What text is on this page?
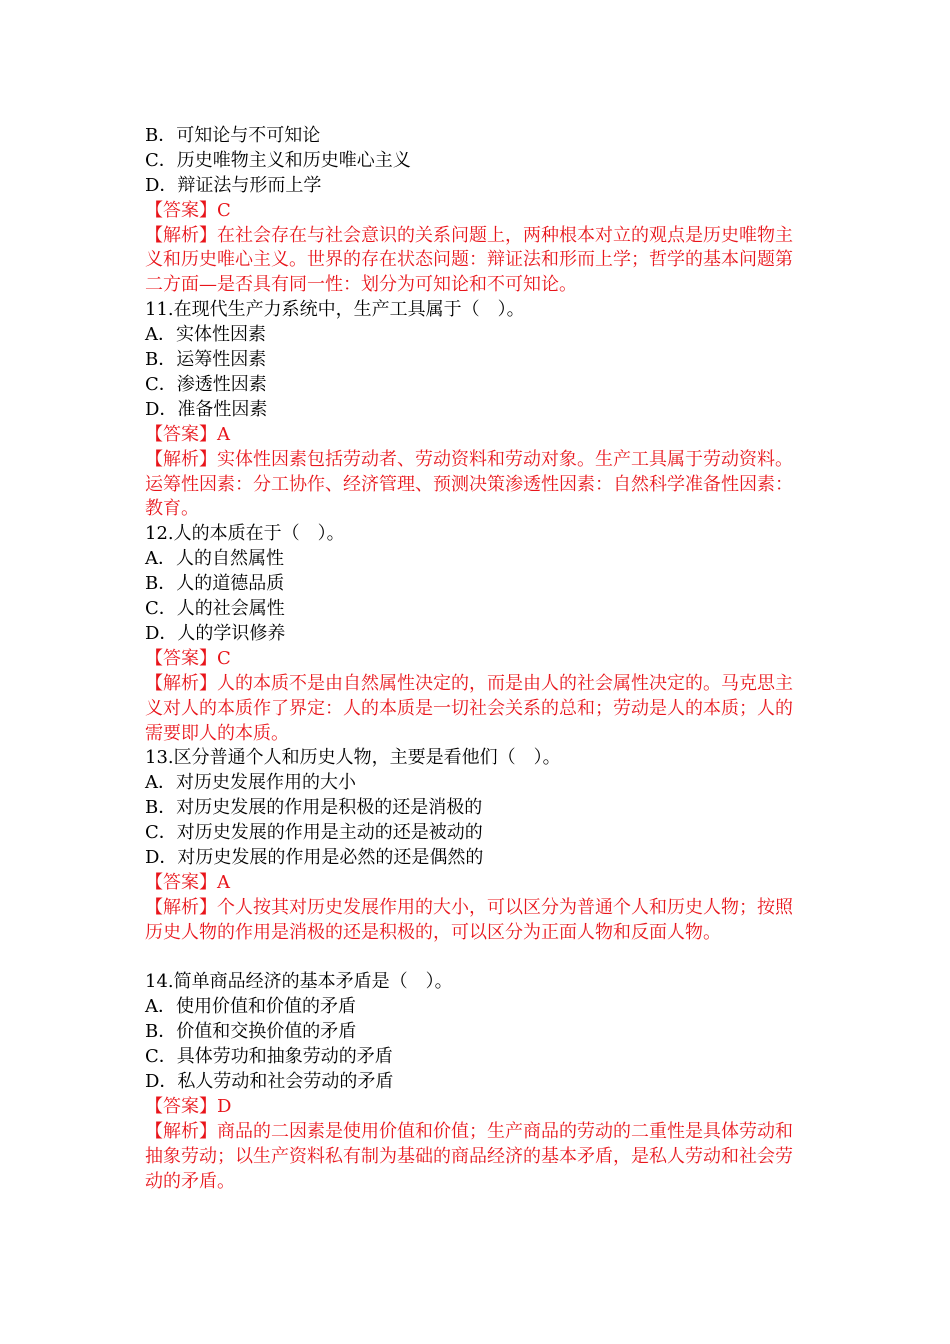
B．可知论与不可知论
C．历史唯物主义和历史唯心主义
D．辩证法与形而上学
【答案】C
【解析】在社会存在与社会意识的关系问题上，两种根本对立的观点是历史唯物主义和历史唯心主义。世界的存在状态问题：辩证法和形而上学；哲学的基本问题第二方面—是否具有同一性：划分为可知论和不可知论。
11.在现代生产力系统中，生产工具属于（　）。
A．实体性因素
B．运筹性因素
C．渗透性因素
D．准备性因素
【答案】A
【解析】实体性因素包括劳动者、劳动资料和劳动对象。生产工具属于劳动资料。
运筹性因素：分工协作、经济管理、预测决策渗透性因素：自然科学准备性因素：教育。
12.人的本质在于（　）。
A．人的自然属性
B．人的道德品质
C．人的社会属性
D．人的学识修养
【答案】C
【解析】人的本质不是由自然属性决定的，而是由人的社会属性决定的。马克思主义对人的本质作了界定：人的本质是一切社会关系的总和；劳动是人的本质；人的需要即人的本质。
13.区分普通个人和历史人物，主要是看他们（　）。
A．对历史发展作用的大小
B．对历史发展的作用是积极的还是消极的
C．对历史发展的作用是主动的还是被动的
D．对历史发展的作用是必然的还是偶然的
【答案】A
【解析】个人按其对历史发展作用的大小，可以区分为普通个人和历史人物；按照历史人物的作用是消极的还是积极的，可以区分为正面人物和反面人物。
14.简单商品经济的基本矛盾是（　）。
A．使用价值和价值的矛盾
B．价值和交换价值的矛盾
C．具体劳功和抽象劳动的矛盾
D．私人劳动和社会劳动的矛盾
【答案】D
【解析】商品的二因素是使用价值和价值；生产商品的劳动的二重性是具体劳动和抽象劳动；以生产资料私有制为基础的商品经济的基本矛盾，是私人劳动和社会劳动的矛盾。
